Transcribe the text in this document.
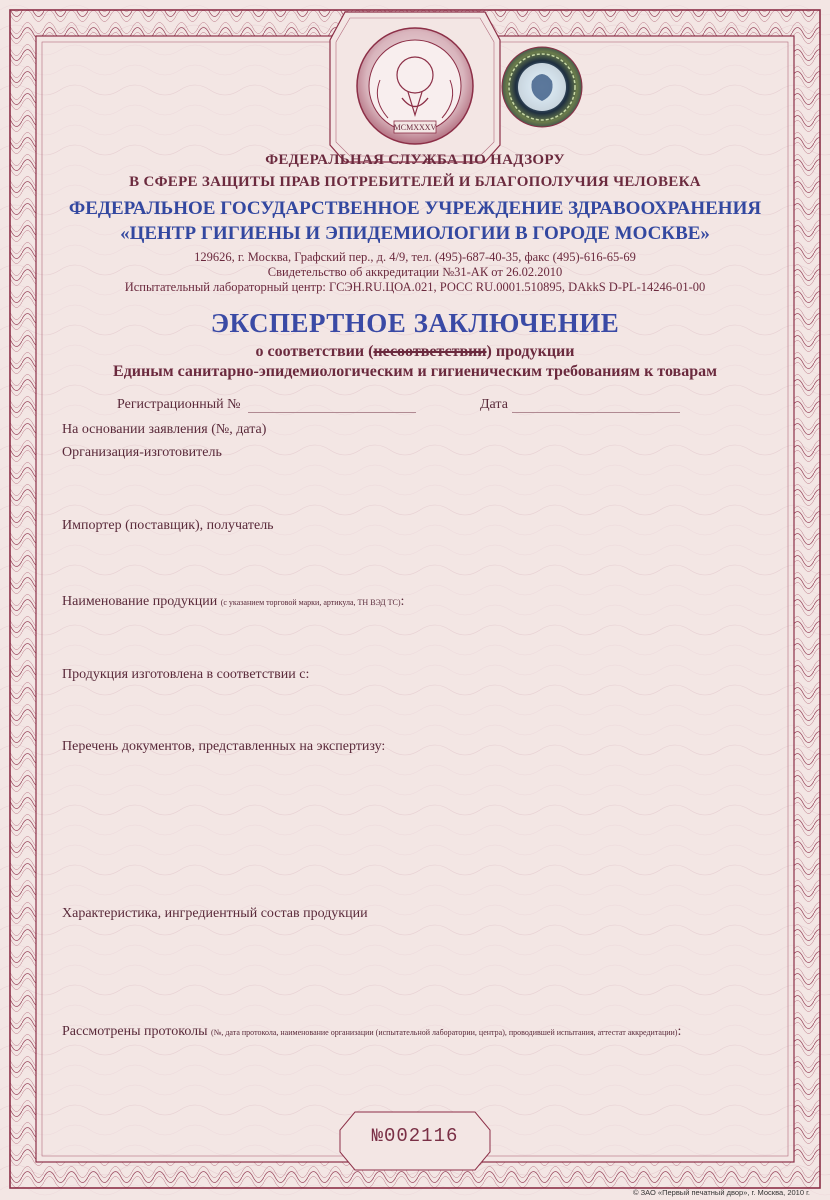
MCMXXXV
ФЕДЕРАЛЬНАЯ СЛУЖБА ПО НАДЗОРУ
В СФЕРЕ ЗАЩИТЫ ПРАВ ПОТРЕБИТЕЛЕЙ И БЛАГОПОЛУЧИЯ ЧЕЛОВЕКА
ФЕДЕРАЛЬНОЕ ГОСУДАРСТВЕННОЕ УЧРЕЖДЕНИЕ ЗДРАВООХРАНЕНИЯ
«ЦЕНТР ГИГИЕНЫ И ЭПИДЕМИОЛОГИИ В ГОРОДЕ МОСКВЕ»
129626, г. Москва, Графский пер., д. 4/9, тел. (495)-687-40-35, факс (495)-616-65-69
Свидетельство об аккредитации №31-АК от 26.02.2010
Испытательный лабораторный центр: ГСЭН.RU.ЦОА.021, РОСС RU.0001.510895, DAkkS D-PL-14246-01-00
ЭКСПЕРТНОЕ ЗАКЛЮЧЕНИЕ
о соответствии (несоответствии) продукции
Единым санитарно-эпидемиологическим и гигиеническим требованиям к товарам
Регистрационный №	Дата
На основании заявления (№, дата)
Организация-изготовитель
Импортер (поставщик), получатель
Наименование продукции (с указанием торговой марки, артикула, ТН ВЭД ТС):
Продукция изготовлена в соответствии с:
Перечень документов, представленных на экспертизу:
Характеристика, ингредиентный состав продукции
Рассмотрены протоколы (№, дата протокола, наименование организации (испытательной лаборатории, центра), проводившей испытания, аттестат аккредитации):
№002116
© ЗАО «Первый печатный двор», г. Москва, 2010 г.
